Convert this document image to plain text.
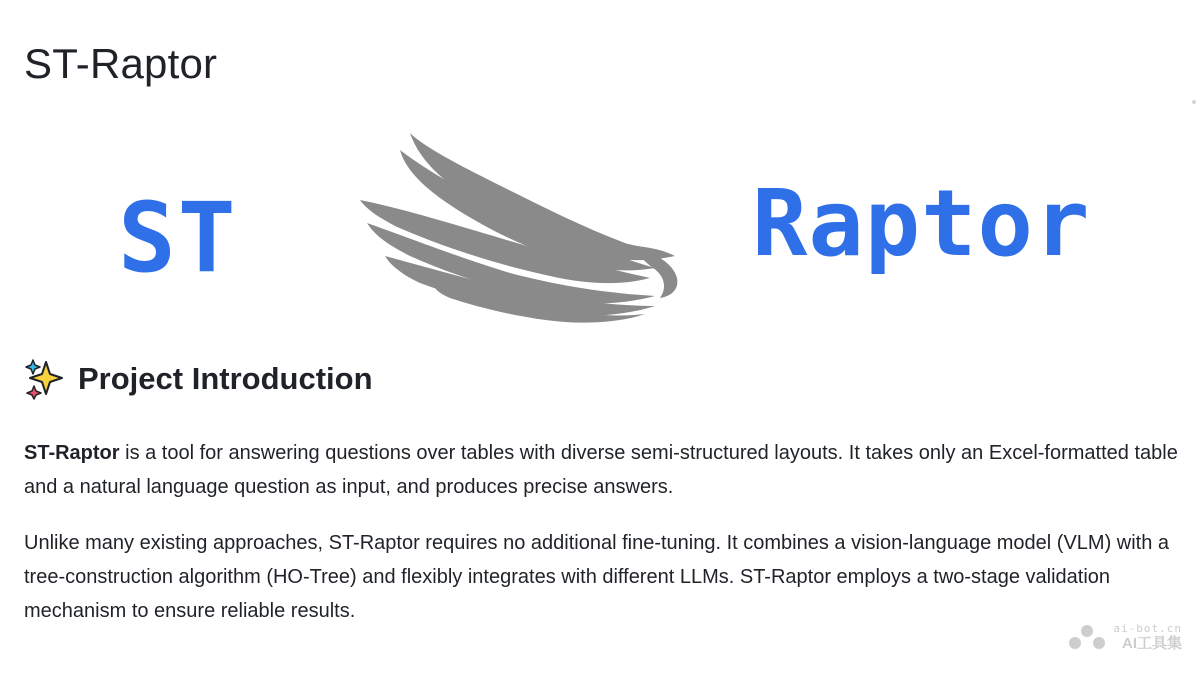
ST-Raptor
ST	Raptor
Project Introduction

ST-Raptor is a tool for answering questions over tables with diverse semi-structured layouts. It takes only an Excel-formatted table and a natural language question as input, and produces precise answers.

Unlike many existing approaches, ST-Raptor requires no additional fine-tuning. It combines a vision-language model (VLM) with a tree-construction algorithm (HO-Tree) and flexibly integrates with different LLMs. ST-Raptor employs a two-stage validation mechanism to ensure reliable results.

ai-bot.cn
AI工具集
